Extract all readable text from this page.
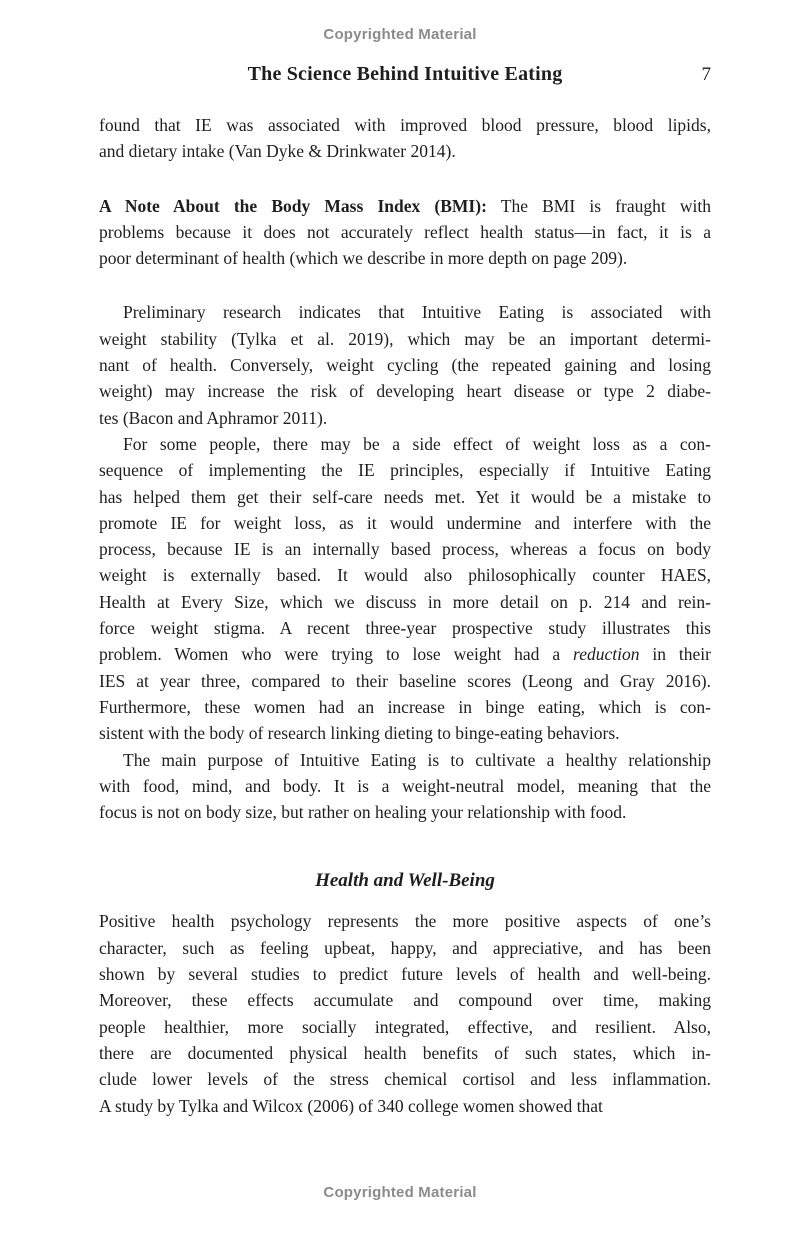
Copyrighted Material
The Science Behind Intuitive Eating	7
found that IE was associated with improved blood pressure, blood lipids,
and dietary intake (Van Dyke & Drinkwater 2014).
A Note About the Body Mass Index (BMI): The BMI is fraught with
problems because it does not accurately reflect health status—in fact, it is a
poor determinant of health (which we describe in more depth on page 209).
Preliminary research indicates that Intuitive Eating is associated with
weight stability (Tylka et al. 2019), which may be an important determi-
nant of health. Conversely, weight cycling (the repeated gaining and losing
weight) may increase the risk of developing heart disease or type 2 diabe-
tes (Bacon and Aphramor 2011).
For some people, there may be a side effect of weight loss as a con-
sequence of implementing the IE principles, especially if Intuitive Eating
has helped them get their self-care needs met. Yet it would be a mistake to
promote IE for weight loss, as it would undermine and interfere with the
process, because IE is an internally based process, whereas a focus on body
weight is externally based. It would also philosophically counter HAES,
Health at Every Size, which we discuss in more detail on p. 214 and rein-
force weight stigma. A recent three-year prospective study illustrates this
problem. Women who were trying to lose weight had a reduction in their
IES at year three, compared to their baseline scores (Leong and Gray 2016).
Furthermore, these women had an increase in binge eating, which is con-
sistent with the body of research linking dieting to binge-eating behaviors.
The main purpose of Intuitive Eating is to cultivate a healthy relationship
with food, mind, and body. It is a weight-neutral model, meaning that the
focus is not on body size, but rather on healing your relationship with food.
Health and Well-Being
Positive health psychology represents the more positive aspects of one’s
character, such as feeling upbeat, happy, and appreciative, and has been
shown by several studies to predict future levels of health and well-being.
Moreover, these effects accumulate and compound over time, making
people healthier, more socially integrated, effective, and resilient. Also,
there are documented physical health benefits of such states, which in-
clude lower levels of the stress chemical cortisol and less inflammation.
A study by Tylka and Wilcox (2006) of 340 college women showed that
Copyrighted Material
